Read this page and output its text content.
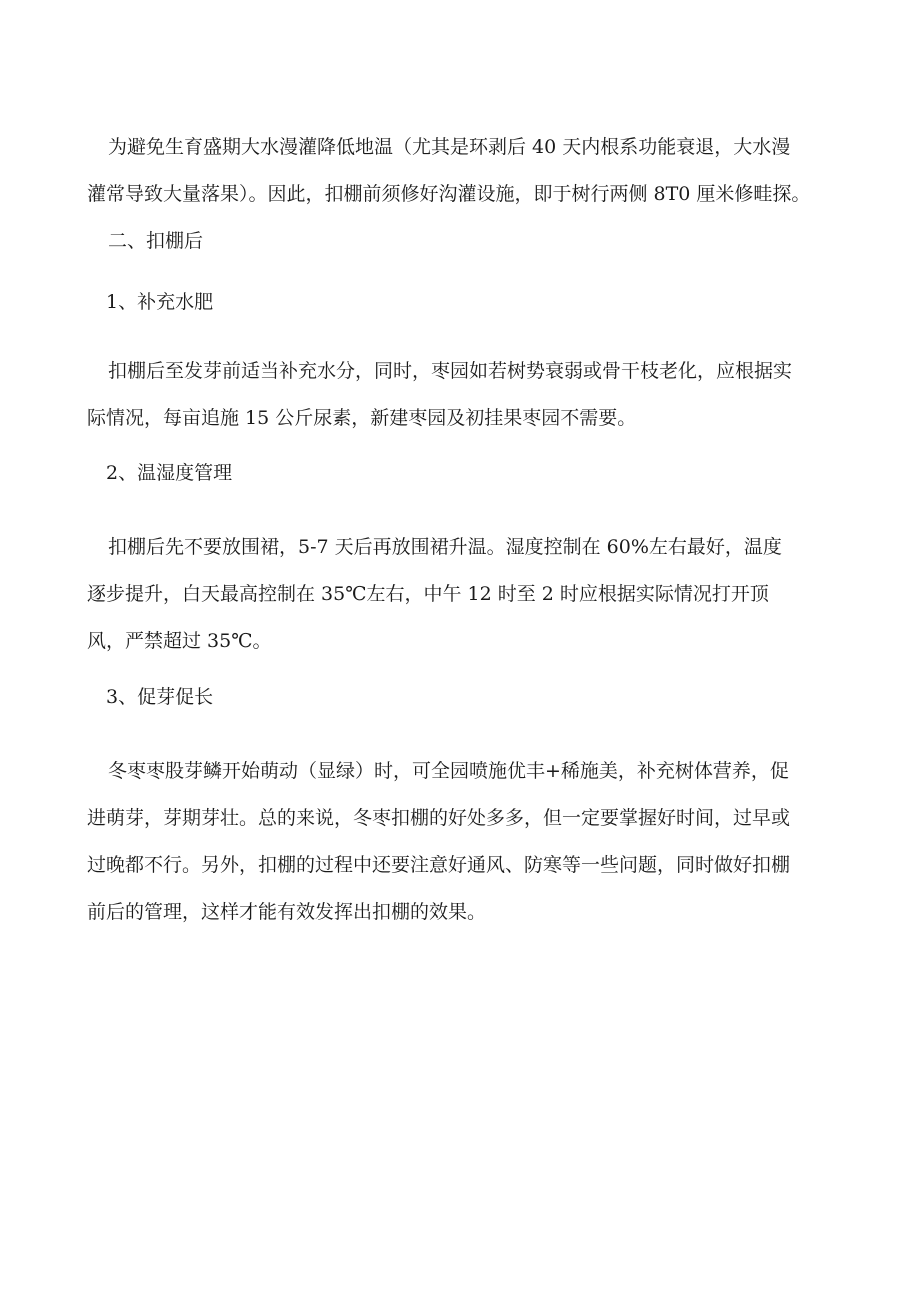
为避免生育盛期大水漫灌降低地温（尤其是环剥后 40 天内根系功能衰退，大水漫

灌常导致大量落果）。因此，扣棚前须修好沟灌设施，即于树行两侧 8T0 厘米修畦探。

二、扣棚后

1、补充水肥

扣棚后至发芽前适当补充水分，同时，枣园如若树势衰弱或骨干枝老化，应根据实

际情况，每亩追施 15 公斤尿素，新建枣园及初挂果枣园不需要。

2、温湿度管理

扣棚后先不要放围裙，5-7 天后再放围裙升温。湿度控制在 60%左右最好，温度

逐步提升，白天最高控制在 35℃左右，中午 12 时至 2 时应根据实际情况打开顶

风，严禁超过 35℃。

3、促芽促长

冬枣枣股芽鳞开始萌动（显绿）时，可全园喷施优丰+稀施美，补充树体营养，促

进萌芽，芽期芽壮。总的来说，冬枣扣棚的好处多多，但一定要掌握好时间，过早或

过晚都不行。另外，扣棚的过程中还要注意好通风、防寒等一些问题，同时做好扣棚

前后的管理，这样才能有效发挥出扣棚的效果。
